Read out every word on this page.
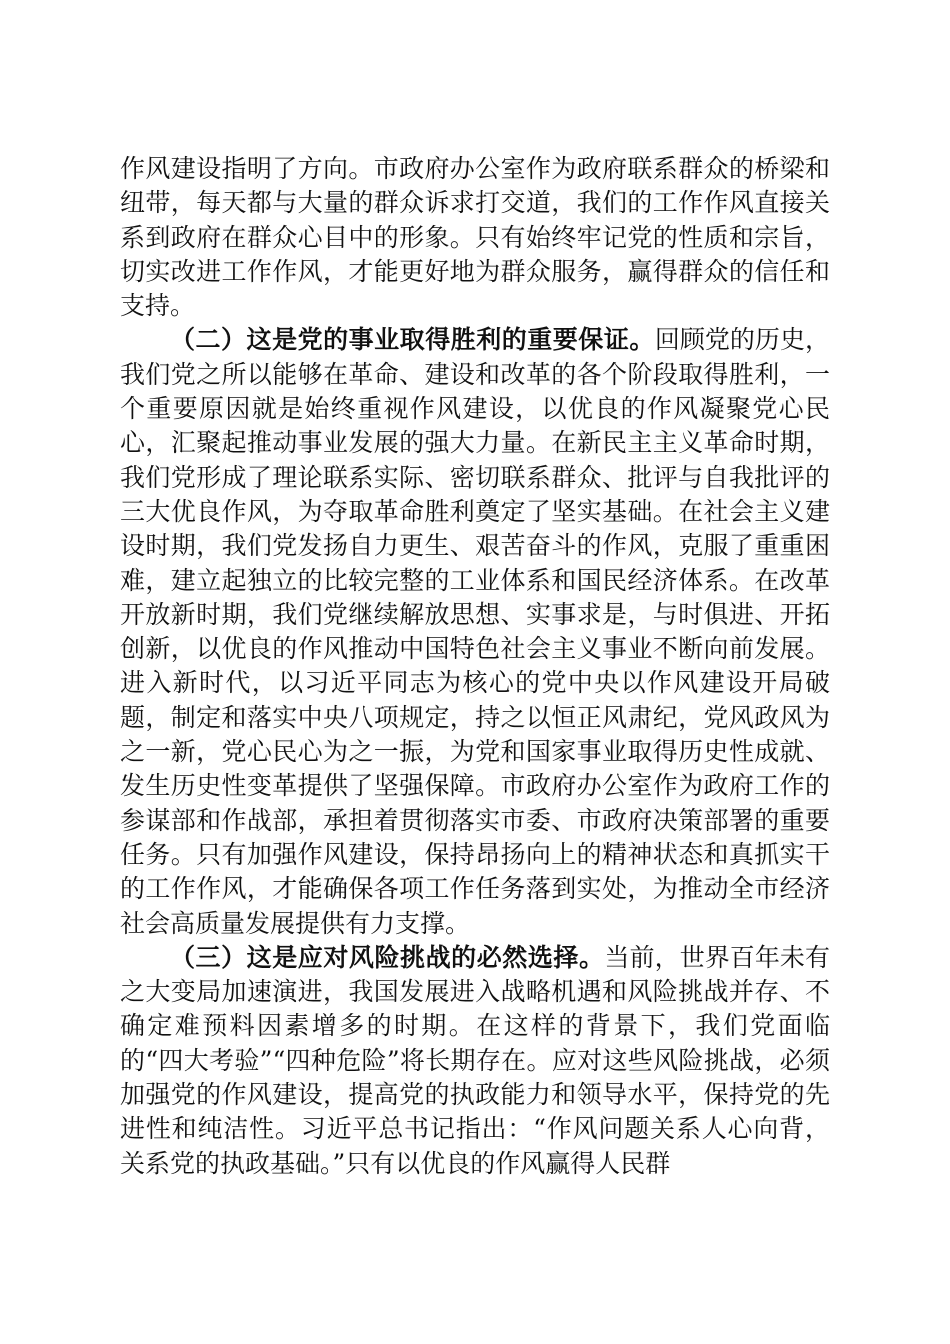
作风建设指明了方向。市政府办公室作为政府联系群众的桥梁和纽带，每天都与大量的群众诉求打交道，我们的工作作风直接关系到政府在群众心目中的形象。只有始终牢记党的性质和宗旨，切实改进工作作风，才能更好地为群众服务，赢得群众的信任和支持。

（二）这是党的事业取得胜利的重要保证。回顾党的历史，我们党之所以能够在革命、建设和改革的各个阶段取得胜利，一个重要原因就是始终重视作风建设，以优良的作风凝聚党心民心，汇聚起推动事业发展的强大力量。在新民主主义革命时期，我们党形成了理论联系实际、密切联系群众、批评与自我批评的三大优良作风，为夺取革命胜利奠定了坚实基础。在社会主义建设时期，我们党发扬自力更生、艰苦奋斗的作风，克服了重重困难，建立起独立的比较完整的工业体系和国民经济体系。在改革开放新时期，我们党继续解放思想、实事求是，与时俱进、开拓创新，以优良的作风推动中国特色社会主义事业不断向前发展。进入新时代，以习近平同志为核心的党中央以作风建设开局破题，制定和落实中央八项规定，持之以恒正风肃纪，党风政风为之一新，党心民心为之一振，为党和国家事业取得历史性成就、发生历史性变革提供了坚强保障。市政府办公室作为政府工作的参谋部和作战部，承担着贯彻落实市委、市政府决策部署的重要任务。只有加强作风建设，保持昂扬向上的精神状态和真抓实干的工作作风，才能确保各项工作任务落到实处，为推动全市经济社会高质量发展提供有力支撑。

（三）这是应对风险挑战的必然选择。当前，世界百年未有之大变局加速演进，我国发展进入战略机遇和风险挑战并存、不确定难预料因素增多的时期。在这样的背景下，我们党面临的“四大考验”“四种危险”将长期存在。应对这些风险挑战，必须加强党的作风建设，提高党的执政能力和领导水平，保持党的先进性和纯洁性。习近平总书记指出：“作风问题关系人心向背，关系党的执政基础。”只有以优良的作风赢得人民群
